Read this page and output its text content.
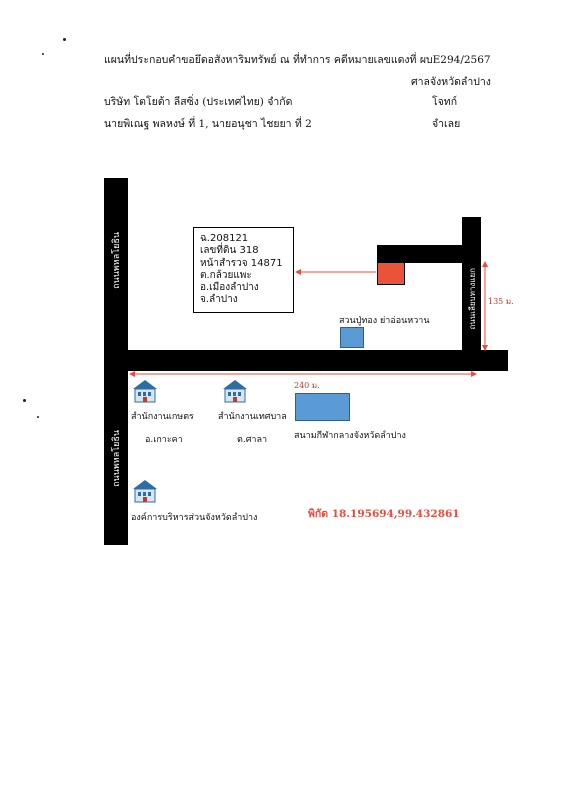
แผนที่ประกอบคำขอยึดอสังหาริมทรัพย์ ณ ที่ทำการ คดีหมายเลขแดงที่ ผบE294/2567
ศาลจังหวัดลำปาง
บริษัท โตโยต้า ลีสซิ่ง (ประเทศไทย) จำกัด	โจทก์
นายพิเณฐ พลหงษ์ ที่ 1, นายอนุชา ไชยยา ที่ 2	จำเลย
ถนนพหลโยธิน
ถนนพหลโยธิน
ถนนเลียบทางแยก
ฉ.208121
เลขที่ดิน 318
หน้าสำรวจ 14871
ต.กล้วยแพะ
อ.เมืองลำปาง
จ.ลำปาง	135 ม.
240 ม.
สวนปู่ทอง ย่าอ่อนหวาน
สนามกีฬากลางจังหวัดลำปาง
สำนักงานเกษตร
อ.เกาะคา
สำนักงานเทศบาล
ต.ศาลา
องค์การบริหารส่วนจังหวัดลำปาง	พิกัด 18.195694,99.432861
